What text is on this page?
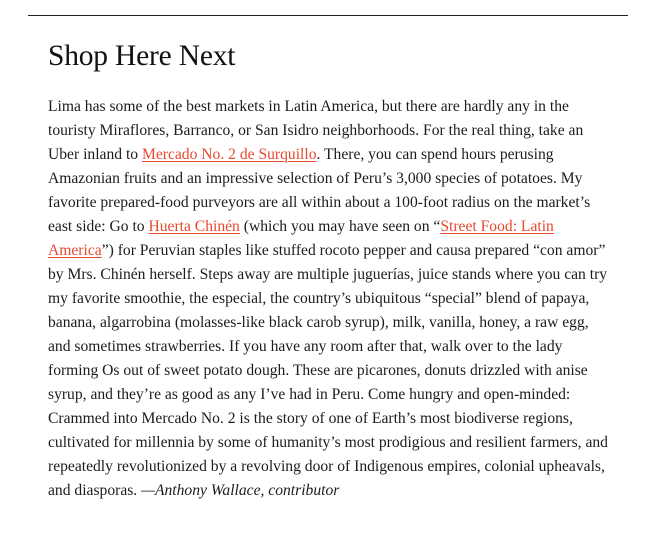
Shop Here Next

Lima has some of the best markets in Latin America, but there are hardly any in the touristy Miraflores, Barranco, or San Isidro neighborhoods. For the real thing, take an Uber inland to Mercado No. 2 de Surquillo. There, you can spend hours perusing Amazonian fruits and an impressive selection of Peru’s 3,000 species of potatoes. My favorite prepared-food purveyors are all within about a 100-foot radius on the market’s east side: Go to Huerta Chinén (which you may have seen on “Street Food: Latin America”) for Peruvian staples like stuffed rocoto pepper and causa prepared “con amor” by Mrs. Chinén herself. Steps away are multiple juguerías, juice stands where you can try my favorite smoothie, the especial, the country’s ubiquitous “special” blend of papaya, banana, algarrobina (molasses-like black carob syrup), milk, vanilla, honey, a raw egg, and sometimes strawberries. If you have any room after that, walk over to the lady forming Os out of sweet potato dough. These are picarones, donuts drizzled with anise syrup, and they’re as good as any I’ve had in Peru. Come hungry and open-minded: Crammed into Mercado No. 2 is the story of one of Earth’s most biodiverse regions, cultivated for millennia by some of humanity’s most prodigious and resilient farmers, and repeatedly revolutionized by a revolving door of Indigenous empires, colonial upheavals, and diasporas. —Anthony Wallace, contributor
